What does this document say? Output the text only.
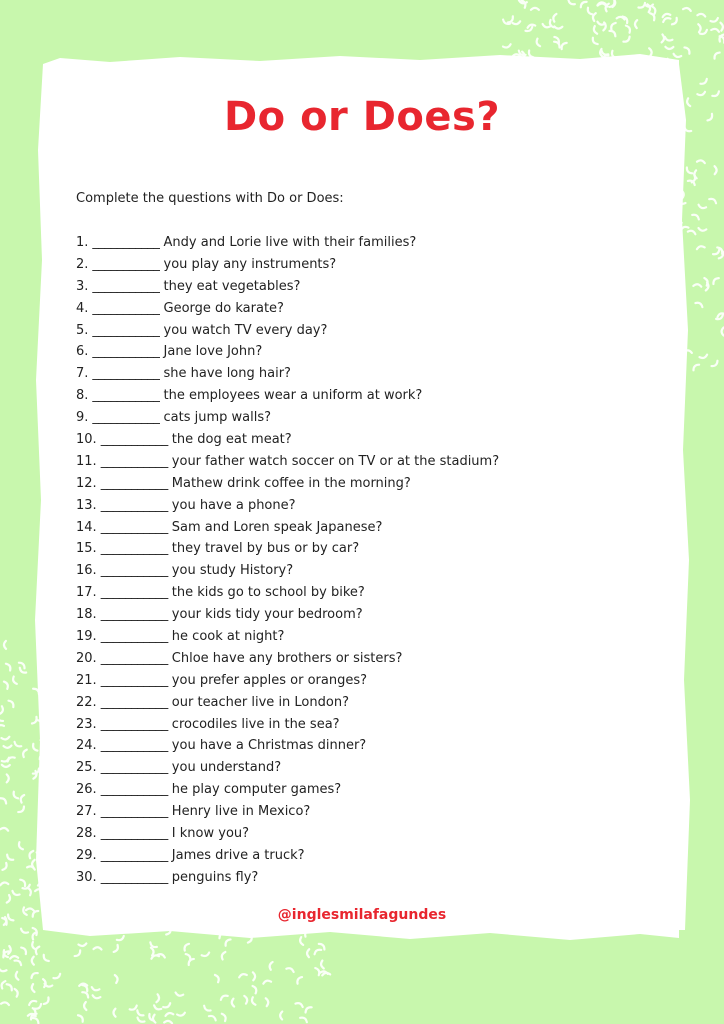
Do or Does?

Complete the questions with Do or Does:

1. ___________ Andy and Lorie live with their families?
2. ___________ you play any instruments?
3. ___________ they eat vegetables?
4. ___________ George do karate?
5. ___________ you watch TV every day?
6. ___________ Jane love John?
7. ___________ she have long hair?
8. ___________ the employees wear a uniform at work?
9. ___________ cats jump walls?
10. ___________ the dog eat meat?
11. ___________ your father watch soccer on TV or at the stadium?
12. ___________ Mathew drink coffee in the morning?
13. ___________ you have a phone?
14. ___________ Sam and Loren speak Japanese?
15. ___________ they travel by bus or by car?
16. ___________ you study History?
17. ___________ the kids go to school by bike?
18. ___________ your kids tidy your bedroom?
19. ___________ he cook at night?
20. ___________ Chloe have any brothers or sisters?
21. ___________ you prefer apples or oranges?
22. ___________ our teacher live in London?
23. ___________ crocodiles live in the sea?
24. ___________ you have a Christmas dinner?
25. ___________ you understand?
26. ___________ he play computer games?
27. ___________ Henry live in Mexico?
28. ___________ I know you?
29. ___________ James drive a truck?
30. ___________ penguins fly?

@inglesmilafagundes
